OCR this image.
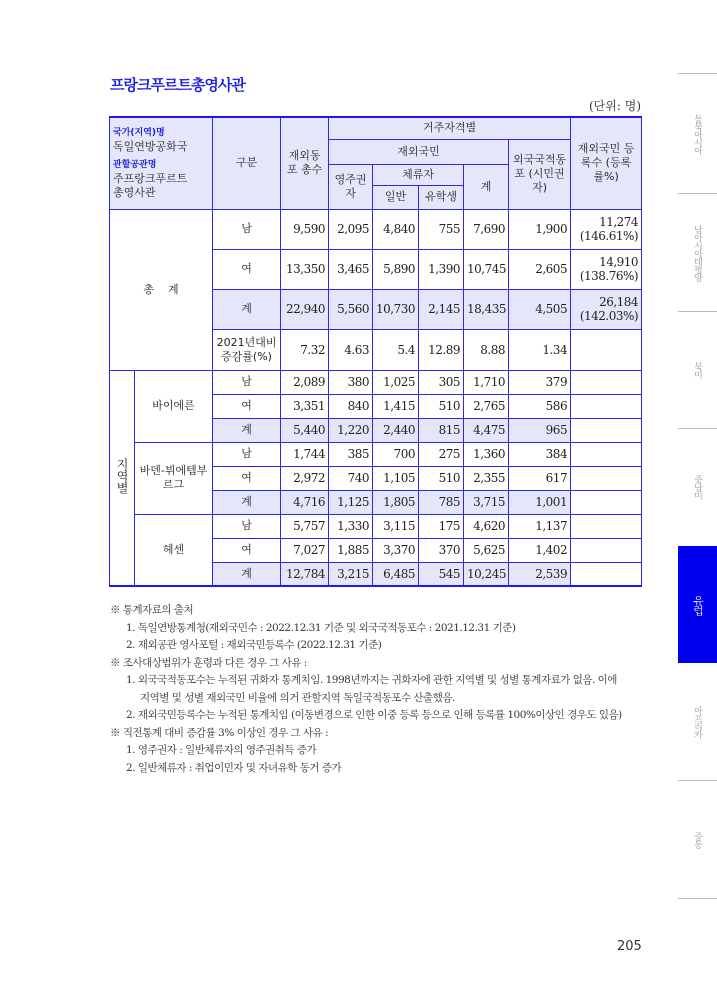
프랑크푸르트총영사관
(단위: 명)
국가(지역)명
독일연방공화국
관할공관명
주프랑크푸르트
총영사관		구분	재외동포 총수	거주자격별					재외국민 등록수 (등록률%)
				재외국민				외국국적동포 (시민권자)	
				영주권자	체류자		계		
					일반	유학생			
총    계		남	9,590	2,095	4,840	755	7,690	1,900	11,274
(146.61%)

		여	13,350	3,465	5,890	1,390	10,745	2,605	14,910
(138.76%)

		계	22,940	5,560	10,730	2,145	18,435	4,505	26,184
(142.03%)

		2021년대비 증감률(%)	7.32	4.63	5.4	12.89	8.88	1.34	

지역별	바이에른	남	2,089	380	1,025	305	1,710	379	
		여	3,351	840	1,415	510	2,765	586	
		계	5,440	1,220	2,440	815	4,475	965	
	바덴-뷔에템부르그	남	1,744	385	700	275	1,360	384	
		여	2,972	740	1,105	510	2,355	617	
		계	4,716	1,125	1,805	785	3,715	1,001	
	헤센	남	5,757	1,330	3,115	175	4,620	1,137	
		여	7,027	1,885	3,370	370	5,625	1,402	
		계	12,784	3,215	6,485	545	10,245	2,539	
※ 통계자료의 출처
1. 독일연방통계청(재외국민수 : 2022.12.31 기준 및 외국국적동포수 : 2021.12.31 기준)
2. 재외공관 영사포털 : 재외국민등록수 (2022.12.31 기준)
※ 조사대상범위가 훈령과 다른 경우 그 사유 :
1. 외국국적동포수는 누적된 귀화자 통계치임. 1998년까지는 귀화자에 관한 지역별 및 성별 통계자료가 없음. 이에
지역별 및 성별 재외국민 비율에 의거 관할지역 독일국적동포수 산출했음.
2. 재외국민등록수는 누적된 통계치임 (이동변경으로 인한 이중 등록 등으로 인해 등록률 100%이상인 경우도 있음)
※ 직전통계 대비 증감률 3% 이상인 경우 그 사유 :
1. 영주권자 : 일반체류자의 영주권취득 증가
2. 일반체류자 : 취업이민자 및 자녀유학 동거 증가
동북아시아
남아시아태평양
북미
중남미
유럽
아프리카
중동
205
